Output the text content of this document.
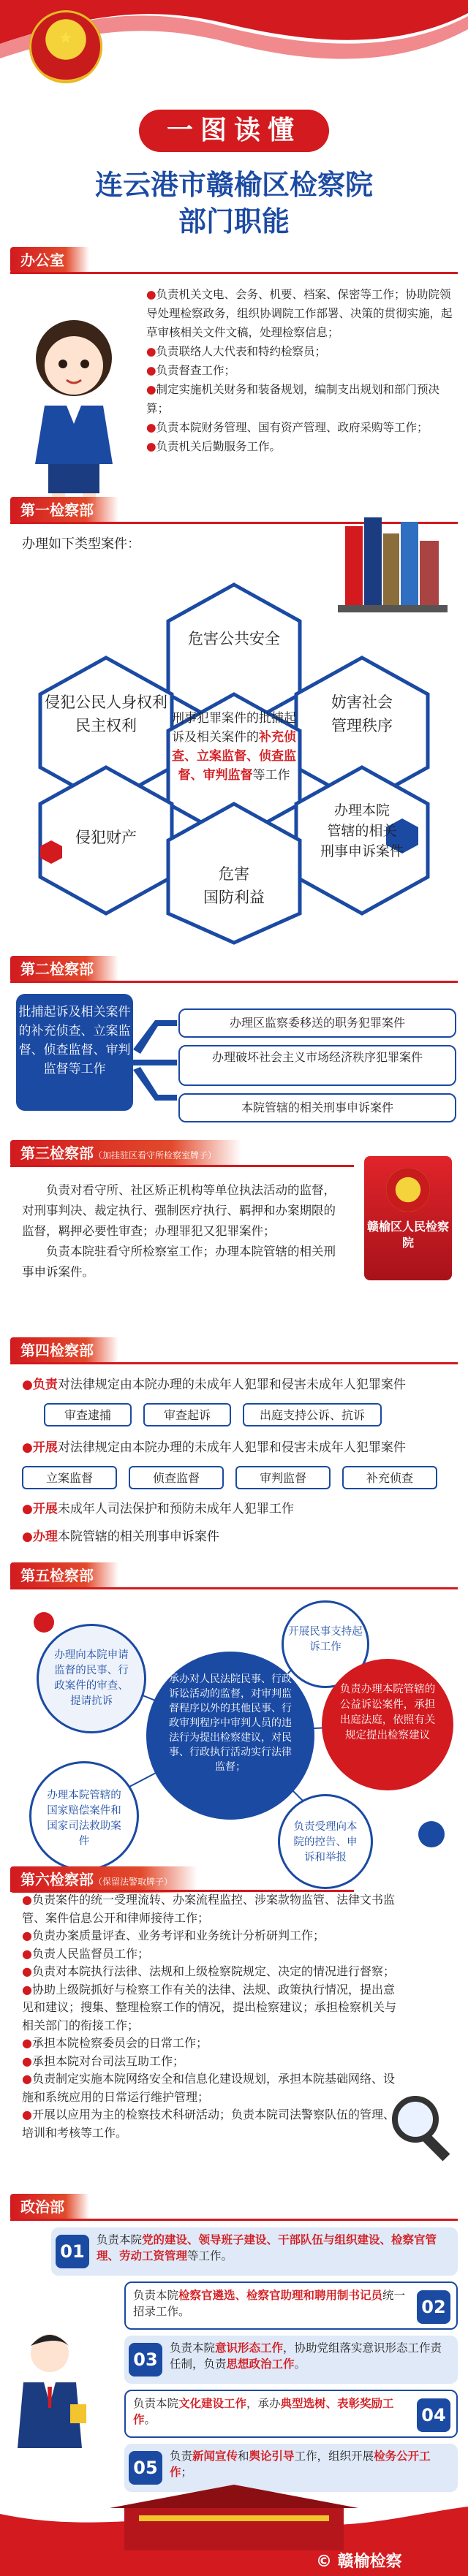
★
一图读懂
连云港市赣榆区检察院
部门职能
办公室

●负责机关文电、会务、机要、档案、保密等工作；协助院领导处理检察政务，组织协调院工作部署、决策的贯彻实施，起草审核相关文件文稿，处理检察信息；

●负责联络人大代表和特约检察员；

●负责督查工作；

●制定实施机关财务和装备规划，编制支出规划和部门预决算；

●负责本院财务管理、国有资产管理、政府采购等工作；

●负责机关后勤服务工作。

第一检察部
办理如下类型案件：
危害公共安全
侵犯公民人身权利
民主权利
妨害社会
管理秩序
刑事犯罪案件的批捕起诉及相关案件的补充侦查、立案监督、侦查监督、审判监督等工作
侵犯财产
办理本院
管辖的相关
刑事申诉案件
危害
国防利益
第二检察部
批捕起诉及相关案件的补充侦查、立案监督、侦查监督、审判监督等工作
办理区监察委移送的职务犯罪案件
办理破坏社会主义市场经济秩序犯罪案件
本院管辖的相关刑事申诉案件
第三检察部（加挂驻区看守所检察室牌子）

负责对看守所、社区矫正机构等单位执法活动的监督，对刑事判决、裁定执行、强制医疗执行、羁押和办案期限的监督，羁押必要性审查；办理罪犯又犯罪案件；

负责本院驻看守所检察室工作；办理本院管辖的相关刑事申诉案件。

赣榆区人民检察院
第四检察部
●负责对法律规定由本院办理的未成年人犯罪和侵害未成年人犯罪案件
审查逮捕	审查起诉	出庭支持公诉、抗诉
●开展对法律规定由本院办理的未成年人犯罪和侵害未成年人犯罪案件
立案监督	侦查监督	审判监督	补充侦查
●开展未成年人司法保护和预防未成年人犯罪工作
●办理本院管辖的相关刑事申诉案件
第五检察部
开展民事支持起诉工作
办理向本院申请监督的民事、行政案件的审查、提请抗诉
承办对人民法院民事、行政诉讼活动的监督，对审判监督程序以外的其他民事、行政审判程序中审判人员的违法行为提出检察建议，对民事、行政执行活动实行法律监督；
负责办理本院管辖的公益诉讼案件，承担出庭法庭，依照有关规定提出检察建议
办理本院管辖的国家赔偿案件和国家司法救助案件
负责受理向本院的控告、申诉和举报
第六检察部（保留法警取牌子）

●负责案件的统一受理流转、办案流程监控、涉案款物监管、法律文书监管、案件信息公开和律师接待工作；

●负责办案质量评查、业务考评和业务统计分析研判工作；

●负责人民监督员工作；

●负责对本院执行法律、法规和上级检察院规定、决定的情况进行督察；

●协助上级院抓好与检察工作有关的法律、法规、政策执行情况，提出意见和建议；搜集、整理检察工作的情况，提出检察建议；承担检察机关与相关部门的衔接工作；

●承担本院检察委员会的日常工作；

●承担本院对台司法互助工作；

●负责制定实施本院网络安全和信息化建设规划，承担本院基础网络、设施和系统应用的日常运行维护管理；

●开展以应用为主的检察技术科研活动；负责本院司法警察队伍的管理、培训和考核等工作。

政治部
01
负责本院党的建设、领导班子建设、干部队伍与组织建设、检察官管理、劳动工资管理等工作。
02
负责本院检察官遴选、检察官助理和聘用制书记员统一招录工作。
03
负责本院意识形态工作，协助党组落实意识形态工作责任制，负责思想政治工作。
04
负责本院文化建设工作，承办典型选树、表彰奖励工作。
05
负责新闻宣传和舆论引导工作，组织开展检务公开工作；
© 赣榆检察
